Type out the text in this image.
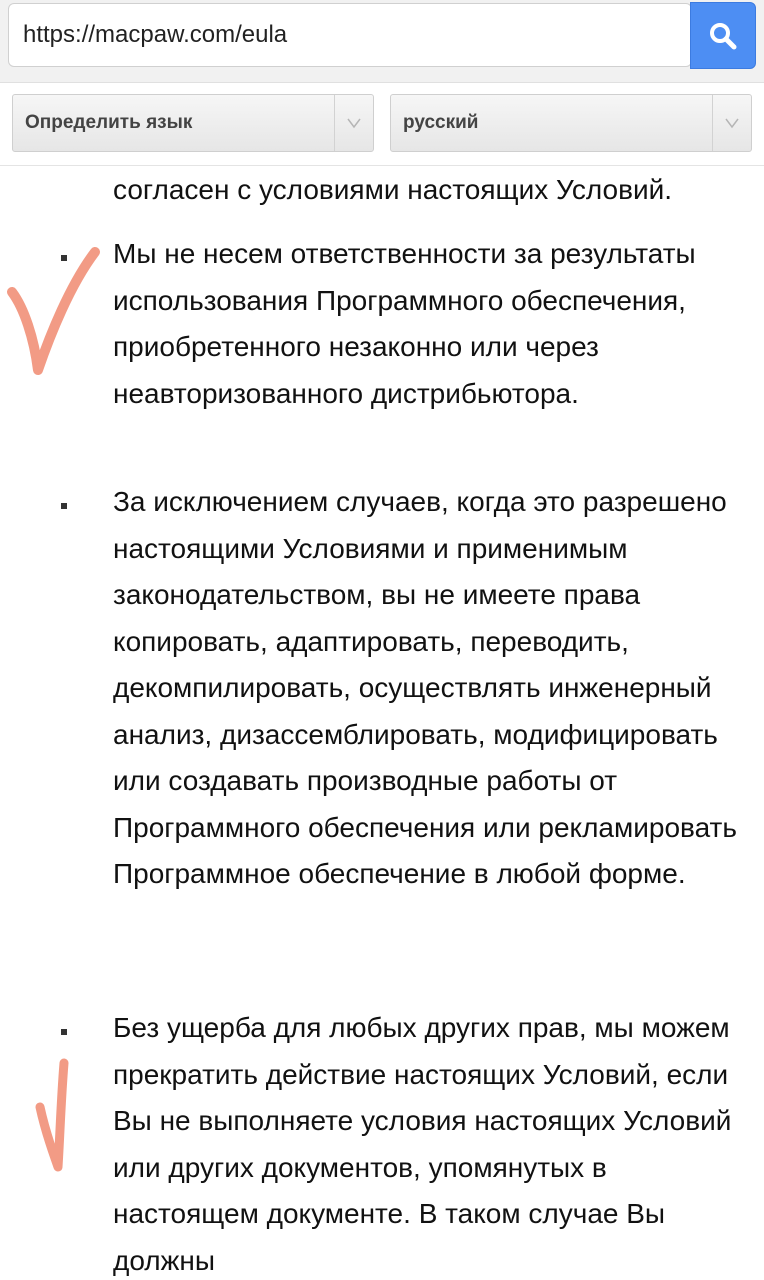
https://macpaw.com/eula
Определить язык	русский

согласен с условиями настоящих Условий.

Мы не несем ответственности за результаты использования Программного обеспечения, приобретенного незаконно или через неавторизованного дистрибьютора.

За исключением случаев, когда это разрешено настоящими Условиями и применимым законодательством, вы не имеете права копировать, адаптировать, переводить, декомпилировать, осуществлять инженерный анализ, дизассемблировать, модифицировать или создавать производные работы от Программного обеспечения или рекламировать Программное обеспечение в любой форме.

Без ущерба для любых других прав, мы можем прекратить действие настоящих Условий, если Вы не выполняете условия настоящих Условий или других документов, упомянутых в настоящем документе. В таком случае Вы должны
